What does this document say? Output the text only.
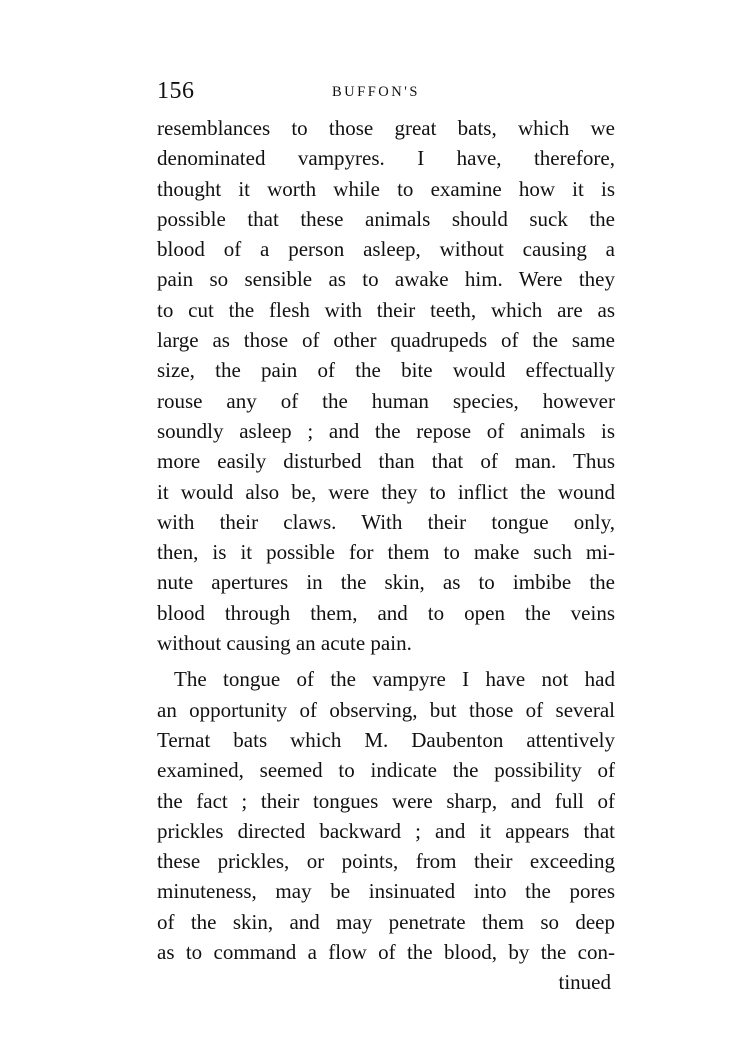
156	BUFFON'S
resemblances to those great bats, which we
denominated vampyres. I have, therefore,
thought it worth while to examine how it is
possible that these animals should suck the
blood of a person asleep, without causing a
pain so sensible as to awake him. Were they
to cut the flesh with their teeth, which are as
large as those of other quadrupeds of the same
size, the pain of the bite would effectually
rouse any of the human species, however
soundly asleep ; and the repose of animals is
more easily disturbed than that of man. Thus
it would also be, were they to inflict the wound
with their claws. With their tongue only,
then, is it possible for them to make such mi-
nute apertures in the skin, as to imbibe the
blood through them, and to open the veins
without causing an acute pain.
The tongue of the vampyre I have not had
an opportunity of observing, but those of several
Ternat bats which M. Daubenton attentively
examined, seemed to indicate the possibility of
the fact ; their tongues were sharp, and full of
prickles directed backward ; and it appears that
these prickles, or points, from their exceeding
minuteness, may be insinuated into the pores
of the skin, and may penetrate them so deep
as to command a flow of the blood, by the con-
tinued
